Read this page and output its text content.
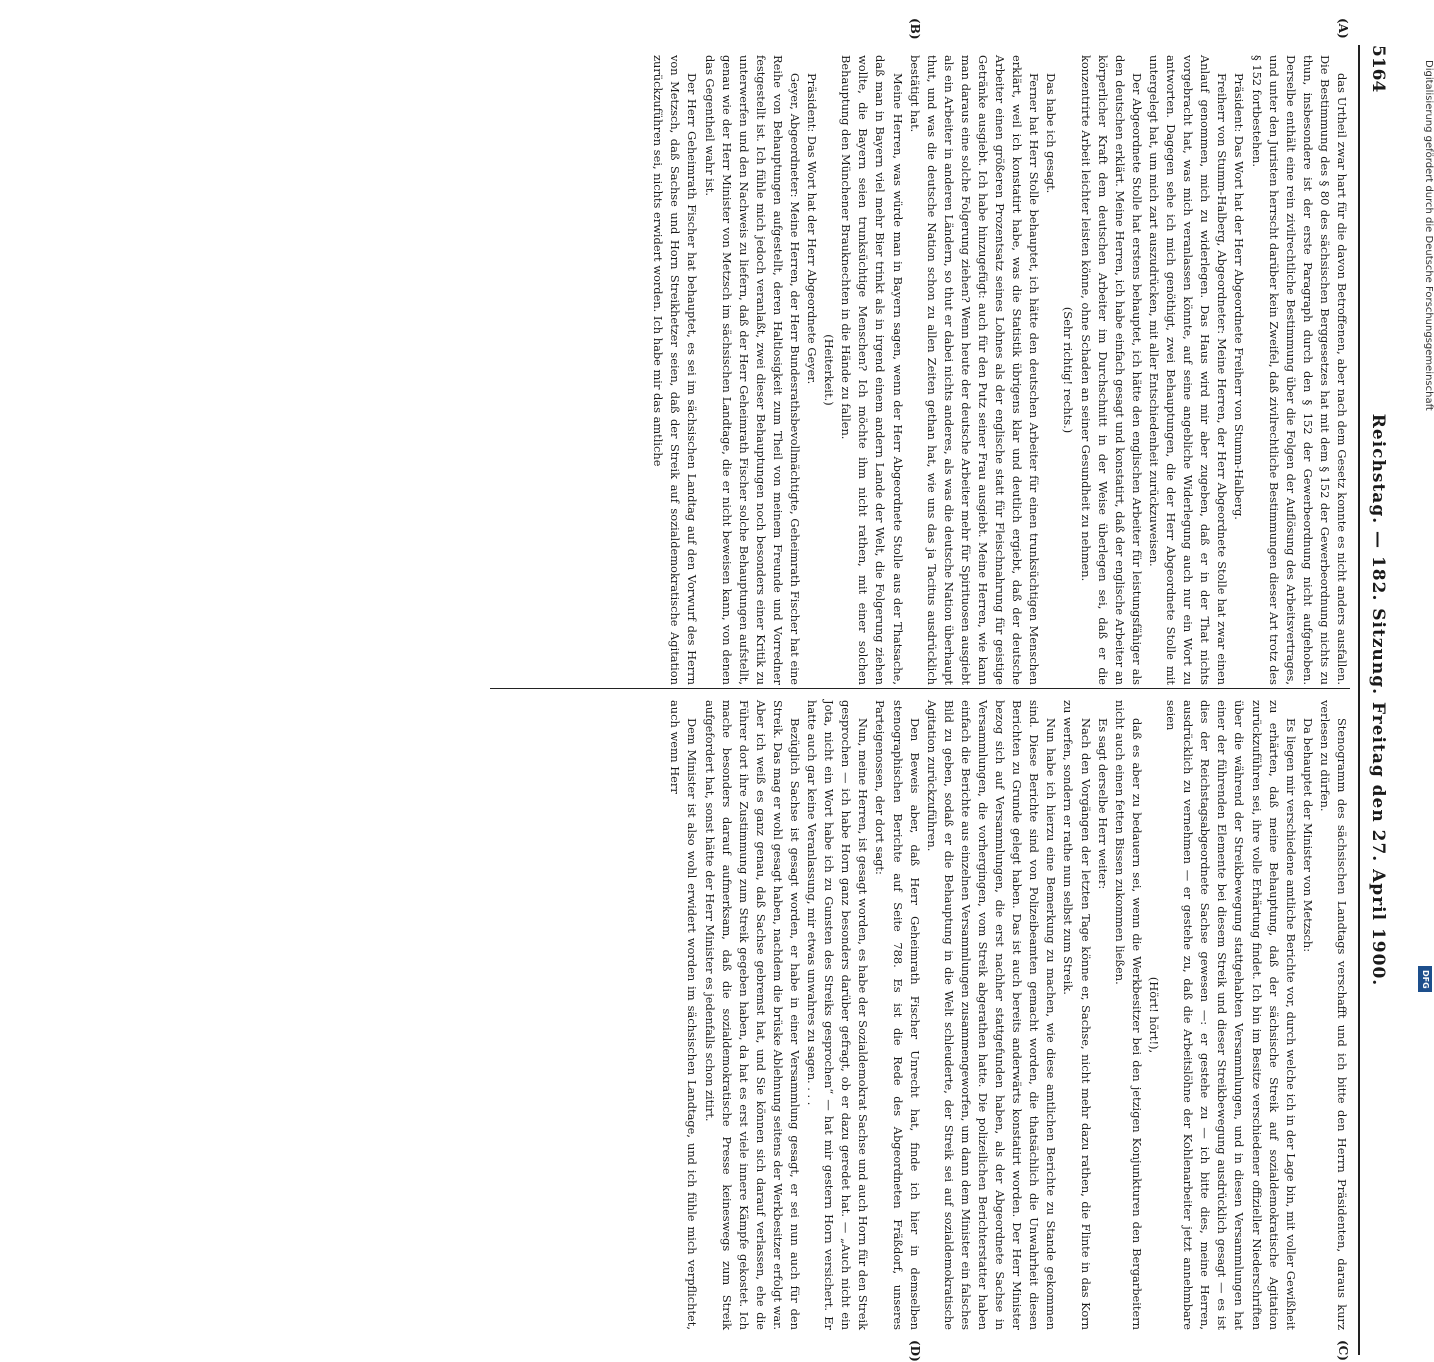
5164
Reichstag. — 182. Sitzung. Freitag den 27. April 1900.
(A)
(B)
(C)
(D)

das Urtheil zwar hart für die davon Betroffenen, aber nach dem Gesetz konnte es nicht anders ausfallen. Die Bestimmung des § 80 des sächsischen Berggesetzes hat mit dem § 152 der Gewerbeordnung nichts zu thun, insbesondere ist der erste Paragraph durch den § 152 der Gewerbeordnung nicht aufgehoben. Derselbe enthält eine rein zivilrechtliche Bestimmung über die Folgen der Auflösung des Arbeitsvertrages, und unter den Juristen herrscht darüber kein Zweifel, daß zivilrechtliche Bestimmungen dieser Art trotz des § 152 fortbestehen.

Präsident: Das Wort hat der Herr Abgeordnete Freiherr von Stumm-Halberg.

Freiherr von Stumm-Halberg, Abgeordneter: Meine Herren, der Herr Abgeordnete Stolle hat zwar einen Anlauf genommen, mich zu widerlegen. Das Haus wird mir aber zugeben, daß er in der That nichts vorgebracht hat, was mich veranlassen könnte, auf seine angebliche Widerlegung auch nur ein Wort zu antworten. Dagegen sehe ich mich genöthigt, zwei Behauptungen, die der Herr Abgeordnete Stolle mit untergelegt hat, um mich zart auszudrücken, mit aller Entschiedenheit zurückzuweisen.

Der Abgeordnete Stolle hat erstens behauptet, ich hätte den englischen Arbeiter für leistungsfähiger als den deutschen erklärt. Meine Herren, ich habe einfach gesagt und konstatirt, daß der englische Arbeiter an körperlicher Kraft dem deutschen Arbeiter im Durchschnitt in der Weise überlegen sei, daß er die konzentrirte Arbeit leichter leisten könne, ohne Schaden an seiner Gesundheit zu nehmen.

(Sehr richtig! rechts.)

Das habe ich gesagt.

Ferner hat Herr Stolle behauptet, ich hätte den deutschen Arbeiter für einen trunksüchtigen Menschen erklärt, weil ich konstatirt habe, was die Statistik übrigens klar und deutlich ergiebt, daß der deutsche Arbeiter einen größeren Prozentsatz seines Lohnes als der englische statt für Fleischnahrung für geistige Getränke ausgiebt. Ich habe hinzugefügt: auch für den Putz seiner Frau ausgiebt. Meine Herren, wie kann man daraus eine solche Folgerung ziehen? Wenn heute der deutsche Arbeiter mehr für Spirituosen ausgiebt als ein Arbeiter in anderen Ländern, so thut er dabei nichts anderes, als was die deutsche Nation überhaupt thut, und was die deutsche Nation schon zu allen Zeiten gethan hat, wie uns das ja Tacitus ausdrücklich bestätigt hat.

Meine Herren, was würde man in Bayern sagen, wenn der Herr Abgeordnete Stolle aus der Thatsache, daß man in Bayern viel mehr Bier trinkt als in irgend einem andern Lande der Welt, die Folgerung ziehen wollte, die Bayern seien trunksüchtige Menschen? Ich möchte ihm nicht rathen, mit einer solchen Behauptung den Münchener Brauknechten in die Hände zu fallen.

(Heiterkeit.)

Präsident: Das Wort hat der Herr Abgeordnete Geyer.

Geyer, Abgeordneter: Meine Herren, der Herr Bundesrathsbevollmächtigte, Geheimrath Fischer hat eine Reihe von Behauptungen aufgestellt, deren Haltlosigkeit zum Theil von meinem Freunde und Vorredner festgestellt ist. Ich fühle mich jedoch veranlaßt, zwei dieser Behauptungen noch besonders einer Kritik zu unterwerfen und den Nachweis zu liefern, daß der Herr Geheimrath Fischer solche Behauptungen aufstellt, genau wie der Herr Minister von Metzsch im sächsischen Landtage, die er nicht beweisen kann, von denen das Gegentheil wahr ist.

Der Herr Geheimrath Fischer hat behauptet, es sei im sächsischen Landtag auf den Vorwurf des Herrn von Metzsch, daß Sachse und Horn Streikhetzer seien, daß der Streik auf sozialdemokratische Agitation zurückzuführen sei, nichts erwidert worden. Ich habe mir das amtliche

Stenogramm des sächsischen Landtags verschafft und ich bitte den Herrn Präsidenten, daraus kurz verlesen zu dürfen.

Da behauptet der Minister von Metzsch:

Es liegen mir verschiedene amtliche Berichte vor, durch welche ich in der Lage bin, mit voller Gewißheit zu erhärten, daß meine Behauptung, daß der sächsische Streik auf sozialdemokratische Agitation zurückzuführen sei, ihre volle Erhärtung findet. Ich bin im Besitze verschiedener offizieller Niederschriften über die während der Streikbewegung stattgehabten Versammlungen, und in diesen Versammlungen hat einer der führenden Elemente bei diesem Streik und dieser Streikbewegung ausdrücklich gesagt — es ist dies der Reichstagsabgeordnete Sachse gewesen —: er gestehe zu — ich bitte dies, meine Herren, ausdrücklich zu vernehmen — er gestehe zu, daß die Arbeitslöhne der Kohlenarbeiter jetzt annehmbare seien

(Hört! hört!),

daß es aber zu bedauern sei, wenn die Werkbesitzer bei den jetzigen Konjunkturen den Bergarbeitern nicht auch einen fetten Bissen zukommen ließen.

Es sagt derselbe Herr weiter:

Nach den Vorgängen der letzten Tage könne er, Sachse, nicht mehr dazu rathen, die Flinte in das Korn zu werfen, sondern er rathe nun selbst zum Streik.

Nun habe ich hierzu eine Bemerkung zu machen, wie diese amtlichen Berichte zu Stande gekommen sind. Diese Berichte sind von Polizeibeamten gemacht worden, die thatsächlich die Unwahrheit diesen Berichten zu Grunde gelegt haben. Das ist auch bereits anderwärts konstatirt worden. Der Herr Minister bezog sich auf Versammlungen, die erst nachher stattgefunden haben, als der Abgeordnete Sachse in Versammlungen, die vorhergingen, vom Streik abgerathen hatte. Die polizeilichen Berichterstatter haben einfach die Berichte aus einzelnen Versammlungen zusammengeworfen, um dann dem Minister ein falsches Bild zu geben, sodaß er die Behauptung in die Welt schleuderte, der Streik sei auf sozialdemokratische Agitation zurückzuführen.

Den Beweis aber, daß Herr Geheimrath Fischer Unrecht hat, finde ich hier in demselben stenographischen Berichte auf Seite 788. Es ist die Rede des Abgeordneten Fräßdorf, unseres Parteigenossen, der dort sagt:

Nun, meine Herren, ist gesagt worden, es habe der Sozialdemokrat Sachse und auch Horn für den Streik gesprochen — ich habe Horn ganz besonders darüber gefragt, ob er dazu geredet hat. — „Auch nicht ein Jota, nicht ein Wort habe ich zu Gunsten des Streiks gesprochen“ — hat mir gestern Horn versichert. Er hatte auch gar keine Veranlassung, mir etwas unwahres zu sagen. . . .

Bezüglich Sachse ist gesagt worden, er habe in einer Versammlung gesagt, er sei nun auch für den Streik. Das mag er wohl gesagt haben, nachdem die brüske Ablehnung seitens der Werkbesitzer erfolgt war. Aber ich weiß es ganz genau, daß Sachse gebremst hat, und Sie können sich darauf verlassen, ehe die Führer dort ihre Zustimmung zum Streik gegeben haben, da hat es erst viele innere Kämpfe gekostet. Ich mache besonders darauf aufmerksam, daß die sozialdemokratische Presse keineswegs zum Streik aufgefordert hat, sonst hätte der Herr Minister es jedenfalls schon zitirt.

Dem Minister ist also wohl erwidert worden im sächsischen Landtage, und ich fühle mich verpflichtet, auch wenn Herr

Digitalisierung gefördert durch die Deutsche Forschungsgemeinschaft
DFG
